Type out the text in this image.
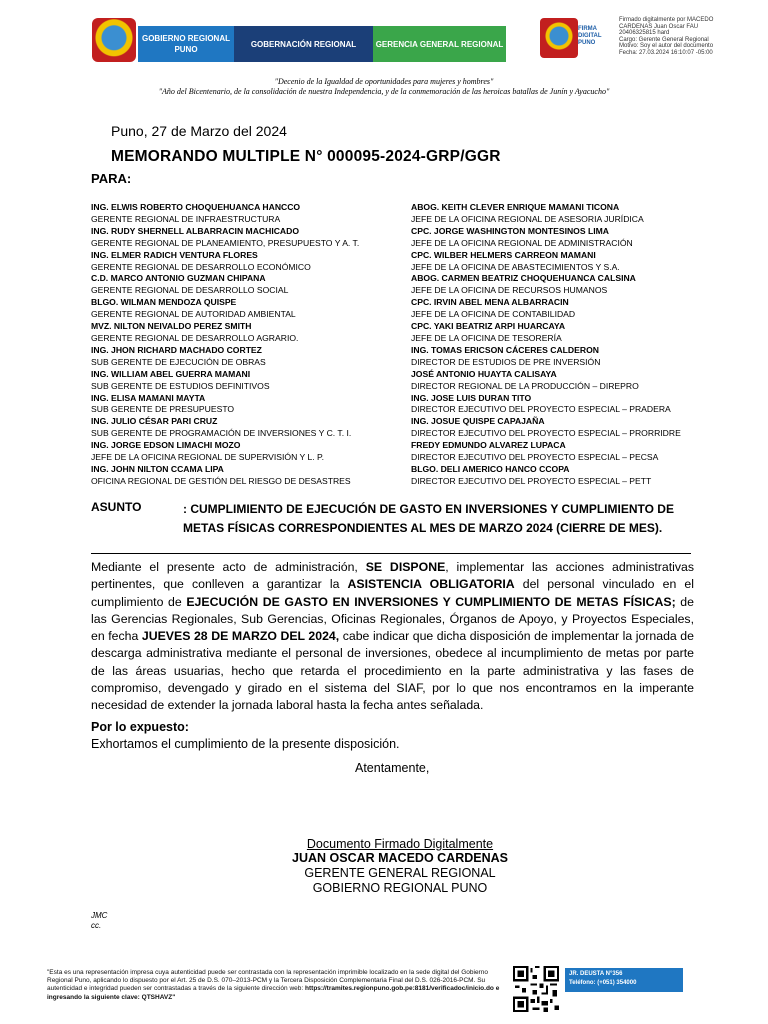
GOBIERNO REGIONAL PUNO
GOBERNACIÓN REGIONAL	GERENCIA GENERAL REGIONAL
FIRMA DIGITAL PUNO
Firmado digitalmente por MACEDO
CARDENAS Juan Oscar FAU
20406325815 hard
Cargo: Gerente General Regional
Motivo: Soy el autor del documento
Fecha: 27.03.2024 16:10:07 -05:00
"Decenio de la Igualdad de oportunidades para mujeres y hombres"
"Año del Bicentenario, de la consolidación de nuestra Independencia, y de la conmemoración de las heroicas batallas de Junín y Ayacucho"
Puno, 27 de Marzo del 2024
MEMORANDO MULTIPLE N° 000095-2024-GRP/GGR
PARA:
ING. ELWIS ROBERTO CHOQUEHUANCA HANCCO
GERENTE REGIONAL DE INFRAESTRUCTURA
ING. RUDY SHERNELL ALBARRACIN MACHICADO
GERENTE REGIONAL DE PLANEAMIENTO, PRESUPUESTO Y A. T.
ING. ELMER RADICH VENTURA FLORES
GERENTE REGIONAL DE DESARROLLO ECONÓMICO
C.D. MARCO ANTONIO GUZMAN CHIPANA
GERENTE REGIONAL DE DESARROLLO SOCIAL
BLGO. WILMAN MENDOZA QUISPE
GERENTE REGIONAL DE AUTORIDAD AMBIENTAL
MVZ. NILTON NEIVALDO PEREZ SMITH
GERENTE REGIONAL DE DESARROLLO AGRARIO.
ING. JHON RICHARD MACHADO CORTEZ
SUB GERENTE DE EJECUCIÓN DE OBRAS
ING. WILLIAM ABEL GUERRA MAMANI
SUB GERENTE DE ESTUDIOS DEFINITIVOS
ING. ELISA MAMANI MAYTA
SUB GERENTE DE PRESUPUESTO
ING. JULIO CÉSAR PARI CRUZ
SUB GERENTE DE PROGRAMACIÓN DE INVERSIONES Y C. T. I.
ING. JORGE EDSON LIMACHI MOZO
JEFE DE LA OFICINA REGIONAL DE SUPERVISIÓN Y L. P.
ING. JOHN NILTON CCAMA LIPA
OFICINA REGIONAL DE GESTIÓN DEL RIESGO DE DESASTRES
ABOG. KEITH CLEVER ENRIQUE MAMANI TICONA
JEFE DE LA OFICINA REGIONAL DE ASESORIA JURÍDICA
CPC. JORGE WASHINGTON MONTESINOS LIMA
JEFE DE LA OFICINA REGIONAL DE ADMINISTRACIÓN
CPC. WILBER HELMERS CARREON MAMANI
JEFE DE LA OFICINA DE ABASTECIMIENTOS Y S.A.
ABOG. CARMEN BEATRIZ CHOQUEHUANCA CALSINA
JEFE DE LA OFICINA DE RECURSOS HUMANOS
CPC. IRVIN ABEL MENA ALBARRACIN
JEFE DE LA OFICINA DE CONTABILIDAD
CPC. YAKI BEATRIZ ARPI HUARCAYA
JEFE DE LA OFICINA DE TESORERÍA
ING. TOMAS ERICSON CÁCERES CALDERON
DIRECTOR DE ESTUDIOS DE PRE INVERSIÓN
JOSÉ ANTONIO HUAYTA CALISAYA
DIRECTOR REGIONAL DE LA PRODUCCIÓN – DIREPRO
ING. JOSE LUIS DURAN TITO
DIRECTOR EJECUTIVO DEL PROYECTO ESPECIAL – PRADERA
ING. JOSUE QUISPE CAPAJAÑA
DIRECTOR EJECUTIVO DEL PROYECTO ESPECIAL – PRORRIDRE
FREDY EDMUNDO ALVAREZ LUPACA
DIRECTOR EJECUTIVO DEL PROYECTO ESPECIAL – PECSA
BLGO. DELI AMERICO HANCO CCOPA
DIRECTOR EJECUTIVO DEL PROYECTO ESPECIAL – PETT
ASUNTO	: CUMPLIMIENTO DE EJECUCIÓN DE GASTO EN INVERSIONES Y CUMPLIMIENTO DE METAS FÍSICAS CORRESPONDIENTES AL MES DE MARZO 2024 (CIERRE DE MES).
Mediante el presente acto de administración, SE DISPONE, implementar las acciones administrativas pertinentes, que conlleven a garantizar la ASISTENCIA OBLIGATORIA del personal vinculado en el cumplimiento de EJECUCIÓN DE GASTO EN INVERSIONES Y CUMPLIMIENTO DE METAS FÍSICAS; de las Gerencias Regionales, Sub Gerencias, Oficinas Regionales, Órganos de Apoyo, y Proyectos Especiales, en fecha JUEVES 28 DE MARZO DEL 2024, cabe indicar que dicha disposición de implementar la jornada de descarga administrativa mediante el personal de inversiones, obedece al incumplimiento de metas por parte de las áreas usuarias, hecho que retarda el procedimiento en la parte administrativa y las fases de compromiso, devengado y girado en el sistema del SIAF, por lo que nos encontramos en la imperante necesidad de extender la jornada laboral hasta la fecha antes señalada.
Por lo expuesto:
Exhortamos el cumplimiento de la presente disposición.
Atentamente,
Documento Firmado Digitalmente
JUAN OSCAR MACEDO CARDENAS
GERENTE GENERAL REGIONAL
GOBIERNO REGIONAL PUNO
JMC
cc.
"Esta es una representación impresa cuya autenticidad puede ser contrastada con la representación imprimible localizado en la sede digital del Gobierno Regional Puno, aplicando lo dispuesto por el Art. 25 de D.S. 070–2013-PCM y la Tercera Disposición Complementaria Final del D.S. 026-2016-PCM. Su autenticidad e integridad pueden ser contrastadas a través de la siguiente dirección web: https://tramites.regionpuno.gob.pe:8181/verificadoc/inicio.do e ingresando la siguiente clave: QTSHAVZ"
JR. DEUSTA N°356
Teléfono: (+051) 354000
